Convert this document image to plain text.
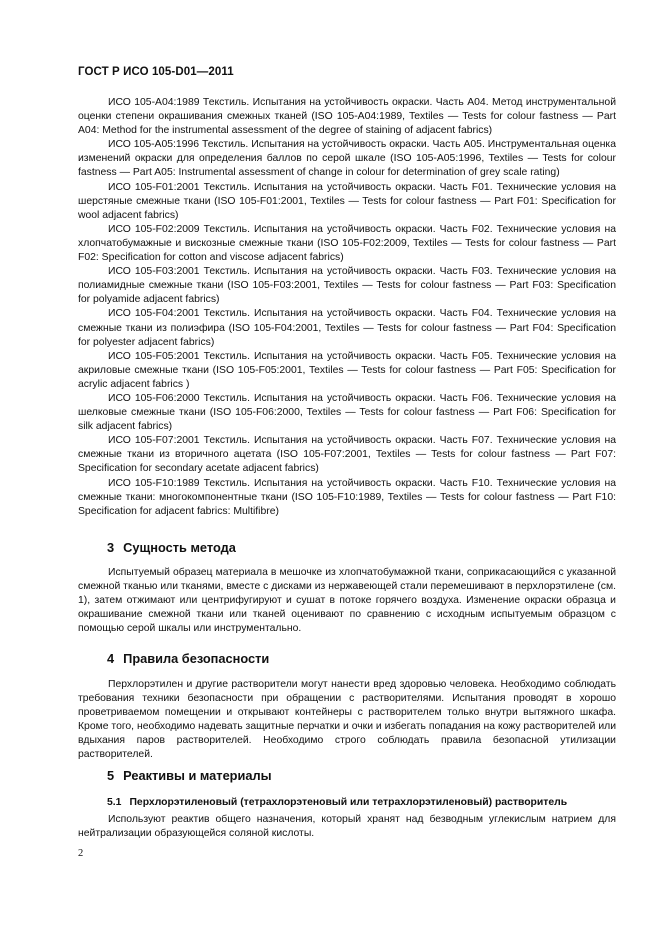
ГОСТ Р ИСО 105-D01—2011

ИСО 105-A04:1989 Текстиль. Испытания на устойчивость окраски. Часть А04. Метод инструментальной оценки степени окрашивания смежных тканей (ISO 105-A04:1989, Textiles — Tests for colour fastness — Part A04: Method for the instrumental assessment of the degree of staining of adjacent fabrics)

ИСО 105-A05:1996 Текстиль. Испытания на устойчивость окраски. Часть А05. Инструментальная оценка изменений окраски для определения баллов по серой шкале (ISO 105-A05:1996, Textiles — Tests for colour fastness — Part A05: Instrumental assessment of change in colour for determination of grey scale rating)

ИСО 105-F01:2001 Текстиль. Испытания на устойчивость окраски. Часть F01. Технические условия на шерстяные смежные ткани (ISO 105-F01:2001, Textiles — Tests for colour fastness — Part F01: Specification for wool adjacent fabrics)

ИСО 105-F02:2009 Текстиль. Испытания на устойчивость окраски. Часть F02. Технические условия на хлопчатобумажные и вискозные смежные ткани (ISO 105-F02:2009, Textiles — Tests for colour fastness — Part F02: Specification for cotton and viscose adjacent fabrics)

ИСО 105-F03:2001 Текстиль. Испытания на устойчивость окраски. Часть F03. Технические условия на полиамидные смежные ткани (ISO 105-F03:2001, Textiles — Tests for colour fastness — Part F03: Specification for polyamide adjacent fabrics)

ИСО 105-F04:2001 Текстиль. Испытания на устойчивость окраски. Часть F04. Технические условия на смежные ткани из полиэфира (ISO 105-F04:2001, Textiles — Tests for colour fastness — Part F04: Specification for polyester adjacent fabrics)

ИСО 105-F05:2001 Текстиль. Испытания на устойчивость окраски. Часть F05. Технические условия на акриловые смежные ткани (ISO 105-F05:2001, Textiles — Tests for colour fastness — Part F05: Specification for acrylic adjacent fabrics )

ИСО 105-F06:2000 Текстиль. Испытания на устойчивость окраски. Часть F06. Технические условия на шелковые смежные ткани (ISO 105-F06:2000, Textiles — Tests for colour fastness — Part F06: Specification for silk adjacent fabrics)

ИСО 105-F07:2001 Текстиль. Испытания на устойчивость окраски. Часть F07. Технические условия на смежные ткани из вторичного ацетата (ISO 105-F07:2001, Textiles — Tests for colour fastness — Part F07: Specification for secondary acetate adjacent fabrics)

ИСО 105-F10:1989 Текстиль. Испытания на устойчивость окраски. Часть F10. Технические условия на смежные ткани: многокомпонентные ткани (ISO 105-F10:1989, Textiles — Tests for colour fastness — Part F10: Specification for adjacent fabrics: Multifibre)

3 Сущность метода

Испытуемый образец материала в мешочке из хлопчатобумажной ткани, соприкасающийся с указанной смежной тканью или тканями, вместе с дисками из нержавеющей стали перемешивают в перхлорэтилене (см. 1), затем отжимают или центрифугируют и сушат в потоке горячего воздуха. Изменение окраски образца и окрашивание смежной ткани или тканей оценивают по сравнению с исходным испытуемым образцом с помощью серой шкалы или инструментально.

4 Правила безопасности

Перхлорэтилен и другие растворители могут нанести вред здоровью человека. Необходимо соблюдать требования техники безопасности при обращении с растворителями. Испытания проводят в хорошо проветриваемом помещении и открывают контейнеры с растворителем только внутри вытяжного шкафа. Кроме того, необходимо надевать защитные перчатки и очки и избегать попадания на кожу растворителей или вдыхания паров растворителей. Необходимо строго соблюдать правила безопасной утилизации растворителей.

5 Реактивы и материалы
5.1 Перхлорэтиленовый (тетрахлорэтеновый или тетрахлорэтиленовый) растворитель

Используют реактив общего назначения, который хранят над безводным углекислым натрием для нейтрализации образующейся соляной кислоты.

2
